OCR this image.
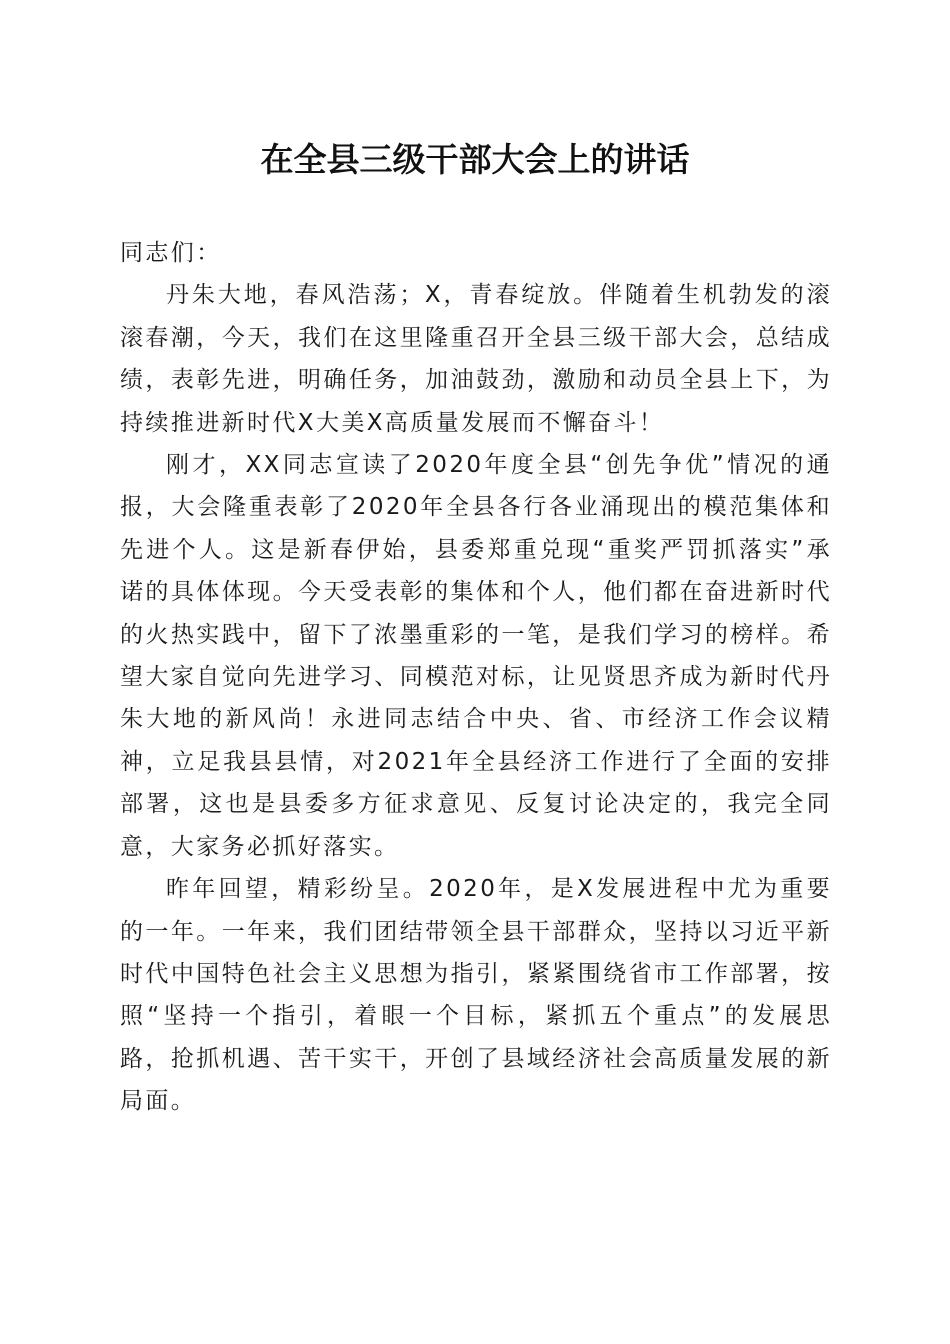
在全县三级干部大会上的讲话

同志们：

丹朱大地，春风浩荡；X，青春绽放。伴随着生机勃发的滚滚春潮，今天，我们在这里隆重召开全县三级干部大会，总结成绩，表彰先进，明确任务，加油鼓劲，激励和动员全县上下，为持续推进新时代X大美X高质量发展而不懈奋斗！

刚才，XX同志宣读了2020年度全县“创先争优”情况的通报，大会隆重表彰了2020年全县各行各业涌现出的模范集体和先进个人。这是新春伊始，县委郑重兑现“重奖严罚抓落实”承诺的具体体现。今天受表彰的集体和个人，他们都在奋进新时代的火热实践中，留下了浓墨重彩的一笔，是我们学习的榜样。希望大家自觉向先进学习、同模范对标，让见贤思齐成为新时代丹朱大地的新风尚！永进同志结合中央、省、市经济工作会议精神，立足我县县情，对2021年全县经济工作进行了全面的安排部署，这也是县委多方征求意见、反复讨论决定的，我完全同意，大家务必抓好落实。

昨年回望，精彩纷呈。2020年，是X发展进程中尤为重要的一年。一年来，我们团结带领全县干部群众，坚持以习近平新时代中国特色社会主义思想为指引，紧紧围绕省市工作部署，按照“坚持一个指引，着眼一个目标，紧抓五个重点”的发展思路，抢抓机遇、苦干实干，开创了县域经济社会高质量发展的新局面。
